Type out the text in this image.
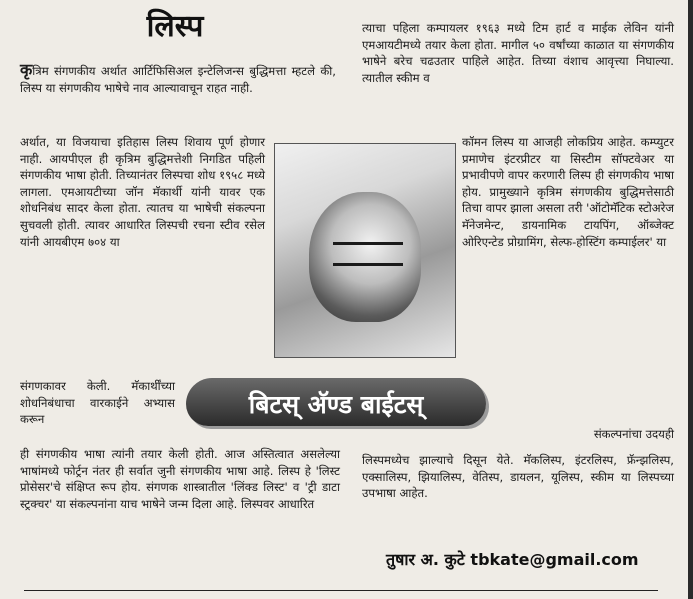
लिस्प

कृत्रिम संगणकीय अर्थात आर्टिफिसिअल इन्टेलिजन्स बुद्धिमत्ता म्हटले की, लिस्प या संगणकीय भाषेचे नाव आल्यावाचून राहत नाही.

अर्थात, या विजयाचा इतिहास लिस्प शिवाय पूर्ण होणार नाही. आयपीएल ही कृत्रिम बुद्धिमत्तेशी निगडित पहिली संगणकीय भाषा होती. तिच्यानंतर लिस्पचा शोध १९५८ मध्ये लागला. एमआयटीच्या जॉन मॅकार्थी यांनी यावर एक शोधनिबंध सादर केला होता. त्यातच या भाषेची संकल्पना सुचवली होती. त्यावर आधारित लिस्पची रचना स्टीव रसेल यांनी आयबीएम ७०४ या

संगणकावर केली. मॅकार्थींच्या शोधनिबंधाचा वारकाईने अभ्यास करून

ही संगणकीय भाषा त्यांनी तयार केली होती. आज अस्तित्वात असलेल्या भाषांमध्ये फोर्ट्रन नंतर ही सर्वात जुनी संगणकीय भाषा आहे. लिस्प हे 'लिस्ट प्रोसेसर'चे संक्षिप्त रूप होय. संगणक शास्त्रातील 'लिंक्ड लिस्ट' व 'ट्री डाटा स्ट्रक्चर' या संकल्पनांना याच भाषेने जन्म दिला आहे. लिस्पवर आधारित

त्याचा पहिला कम्पायलर १९६३ मध्ये टिम हार्ट व माईक लेविन यांनी एमआयटीमध्ये तयार केला होता. मागील ५० वर्षांच्या काळात या संगणकीय भाषेने बरेच चढउतार पाहिले आहेत. तिच्या वंशाच आवृत्त्या निघाल्या. त्यातील स्कीम व

कॉमन लिस्प या आजही लोकप्रिय आहेत. कम्प्युटर प्रमाणेच इंटरप्रीटर या सिस्टीम सॉफ्टवेअर या प्रभावीपणे वापर करणारी लिस्प ही संगणकीय भाषा होय. प्रामुख्याने कृत्रिम संगणकीय बुद्धिमत्तेसाठी तिचा वापर झाला असला तरी 'ऑटोमॅटिक स्टोअरेज मॅनेजमेन्ट, डायनामिक टायपिंग, ऑब्जेक्ट ओरिएन्टेड प्रोग्रामिंग, सेल्फ-होस्टिंग कम्पाईलर' या

संकल्पनांचा उदयही

लिस्पमध्येच झाल्याचे दिसून येते. मॅकलिस्प, इंटरलिस्प, फ्रॅन्झलिस्प, एक्सालिस्प, झियालिस्प, वेतिस्प, डायलन, यूलिस्प, स्कीम या लिस्पच्या उपभाषा आहेत.

बिटस् अ‍ॅण्ड बाईटस्
तुषार अ. कुटे tbkate@gmail.com
